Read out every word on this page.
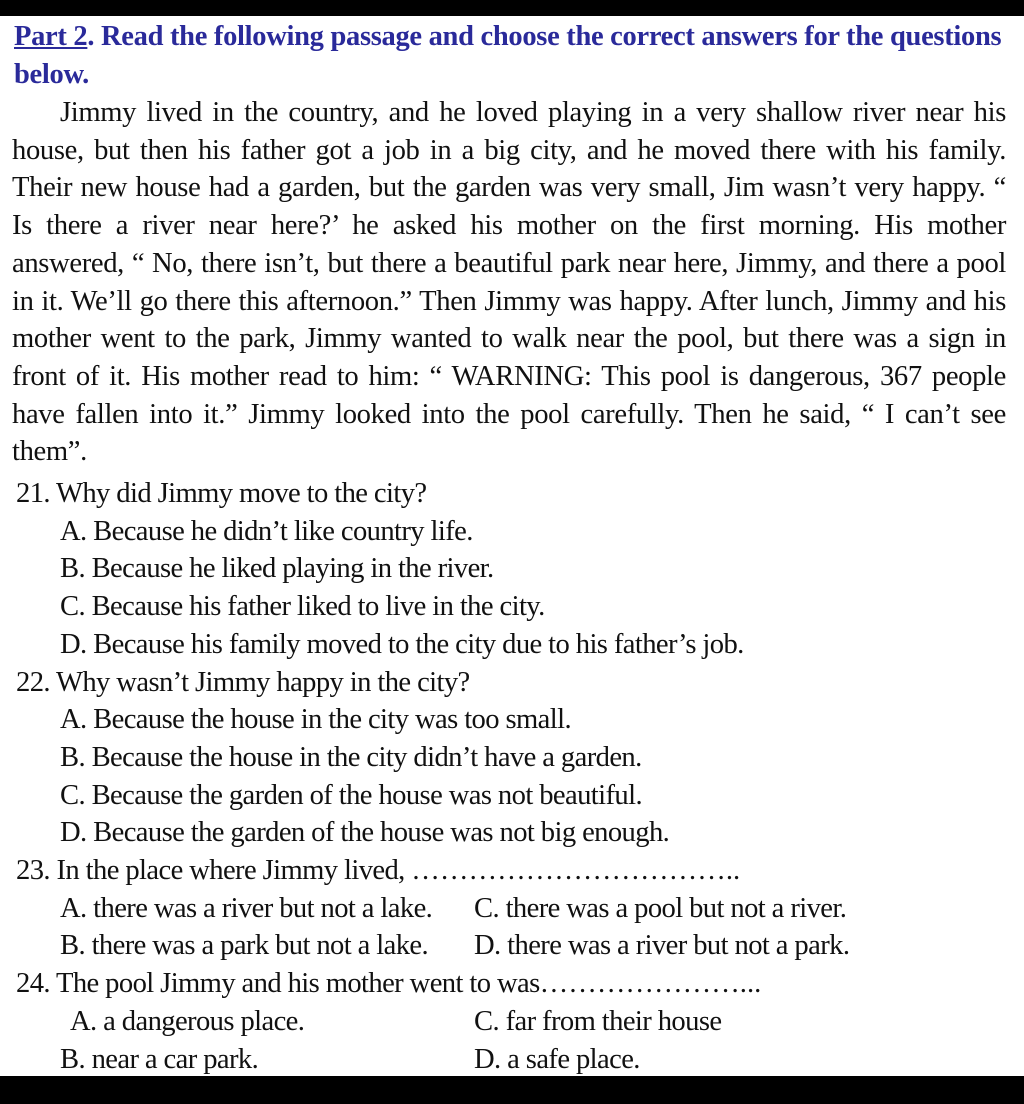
Part 2. Read the following passage and choose the correct answers for the questions below.
Jimmy lived in the country, and he loved playing in a very shallow river near his house, but then his father got a job in a big city, and he moved there with his family. Their new house had a garden, but the garden was very small, Jim wasn’t very happy. “ Is there a river near here?’ he asked his mother on the first morning. His mother answered, “ No, there isn’t, but there a beautiful park near here, Jimmy, and there a pool in it. We’ll go there this afternoon.” Then Jimmy was happy. After lunch, Jimmy and his mother went to the park, Jimmy wanted to walk near the pool, but there was a sign in front of it. His mother read to him: “ WARNING: This pool is dangerous, 367 people have fallen into it.” Jimmy looked into the pool carefully. Then he said, “ I can’t see them”.
21. Why did Jimmy move to the city?
A. Because he didn’t like country life.
B. Because he liked playing in the river.
C. Because his father liked to live in the city.
D. Because his family moved to the city due to his father’s job.
22. Why wasn’t Jimmy happy in the city?
A. Because the house in the city was too small.
B. Because the house in the city didn’t have a garden.
C. Because the garden of the house was not beautiful.
D. Because the garden of the house was not big enough.
23. In the place where Jimmy lived, ……………………………..
A. there was a river but not a lake.	C. there was a pool but not a river.
B. there was a park but not a lake.	D. there was a river but not a park.
24. The pool Jimmy and his mother went to was…………………...
A. a dangerous place.	C. far from their house
B. near a car park.	D. a safe place.
